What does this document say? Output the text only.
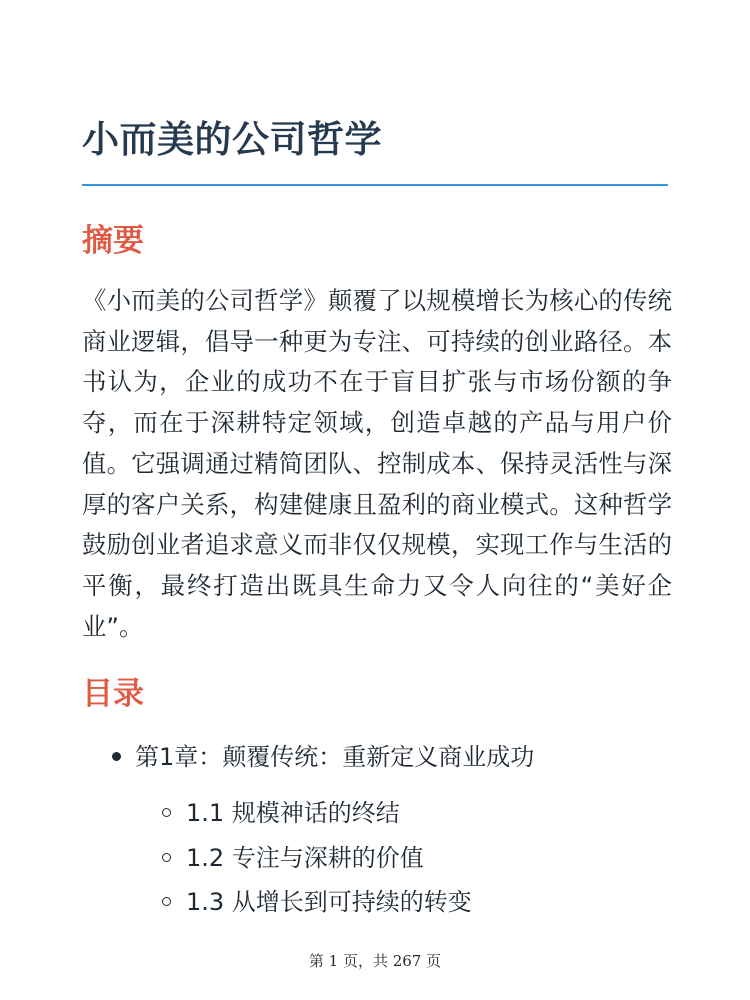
小而美的公司哲学
摘要

《小而美的公司哲学》颠覆了以规模增长为核心的传统商业逻辑，倡导一种更为专注、可持续的创业路径。本书认为，企业的成功不在于盲目扩张与市场份额的争夺，而在于深耕特定领域，创造卓越的产品与用户价值。它强调通过精简团队、控制成本、保持灵活性与深厚的客户关系，构建健康且盈利的商业模式。这种哲学鼓励创业者追求意义而非仅仅规模，实现工作与生活的平衡，最终打造出既具生命力又令人向往的“美好企业”。

目录
第1章：颠覆传统：重新定义商业成功
1.1 规模神话的终结
1.2 专注与深耕的价值
1.3 从增长到可持续的转变
第 1 页，共 267 页
